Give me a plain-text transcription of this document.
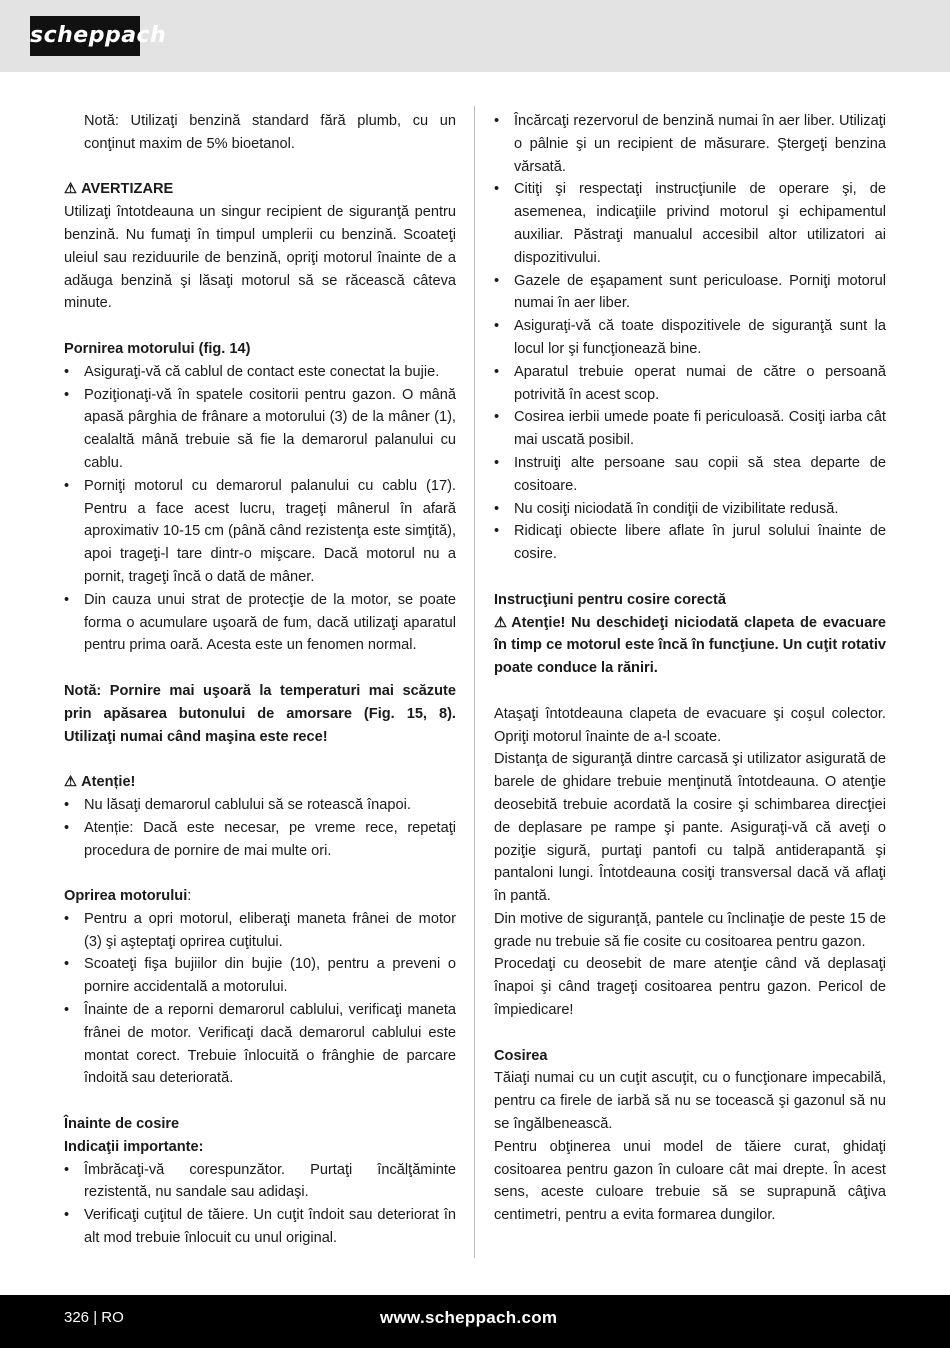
scheppach

Notă: Utilizaţi benzină standard fără plumb, cu un conţinut maxim de 5% bioetanol.

⚠ AVERTIZARE

Utilizaţi întotdeauna un singur recipient de siguranţă pentru benzină. Nu fumaţi în timpul umplerii cu benzină. Scoateţi uleiul sau reziduurile de benzină, opriţi motorul înainte de a adăuga benzină şi lăsaţi motorul să se răcească câteva minute.

Pornirea motorului (fig. 14)

• Asiguraţi-vă că cablul de contact este conectat la bujie.
• Poziţionaţi-vă în spatele cositorii pentru gazon. O mână apasă pârghia de frânare a motorului (3) de la mâner (1), cealaltă mână trebuie să fie la demarorul palanului cu cablu.
• Porniţi motorul cu demarorul palanului cu cablu (17). Pentru a face acest lucru, trageţi mânerul în afară aproximativ 10-15 cm (până când rezistenţa este simţită), apoi trageţi-l tare dintr-o mişcare. Dacă motorul nu a pornit, trageţi încă o dată de mâner.
• Din cauza unui strat de protecţie de la motor, se poate forma o acumulare uşoară de fum, dacă utilizaţi aparatul pentru prima oară. Acesta este un fenomen normal.

Notă: Pornire mai uşoară la temperaturi mai scăzute prin apăsarea butonului de amorsare (Fig. 15, 8). Utilizaţi numai când maşina este rece!

⚠ Atenție!

• Nu lăsaţi demarorul cablului să se rotească înapoi.
• Atenție: Dacă este necesar, pe vreme rece, repetaţi procedura de pornire de mai multe ori.

Oprirea motorului:

• Pentru a opri motorul, eliberaţi maneta frânei de motor (3) şi aşteptaţi oprirea cuţitului.
• Scoateţi fişa bujiilor din bujie (10), pentru a preveni o pornire accidentală a motorului.
• Înainte de a reporni demarorul cablului, verificaţi maneta frânei de motor. Verificaţi dacă demarorul cablului este montat corect. Trebuie înlocuită o frânghie de parcare îndoită sau deteriorată.

Înainte de cosire

Indicaţii importante:

• Îmbrăcaţi-vă corespunzător. Purtaţi încălţăminte rezistentă, nu sandale sau adidaşi.
• Verificaţi cuţitul de tăiere. Un cuţit îndoit sau deteriorat în alt mod trebuie înlocuit cu unul original.
• Încărcaţi rezervorul de benzină numai în aer liber. Utilizaţi o pâlnie şi un recipient de măsurare. Ștergeţi benzina vărsată.
• Citiţi şi respectaţi instrucţiunile de operare şi, de asemenea, indicaţiile privind motorul şi echipamentul auxiliar. Păstraţi manualul accesibil altor utilizatori ai dispozitivului.
• Gazele de eşapament sunt periculoase. Porniţi motorul numai în aer liber.
• Asiguraţi-vă că toate dispozitivele de siguranţă sunt la locul lor şi funcţionează bine.
• Aparatul trebuie operat numai de către o persoană potrivită în acest scop.
• Cosirea ierbii umede poate fi periculoasă. Cosiţi iarba cât mai uscată posibil.
• Instruiţi alte persoane sau copii să stea departe de cositoare.
• Nu cosiţi niciodată în condiţii de vizibilitate redusă.
• Ridicaţi obiecte libere aflate în jurul solului înainte de cosire.

Instrucţiuni pentru cosire corectă

⚠ Atenţie! Nu deschideţi niciodată clapeta de evacuare în timp ce motorul este încă în funcţiune. Un cuţit rotativ poate conduce la răniri.

Ataşaţi întotdeauna clapeta de evacuare şi coşul colector. Opriţi motorul înainte de a-l scoate.

Distanţa de siguranţă dintre carcasă şi utilizator asigurată de barele de ghidare trebuie menţinută întotdeauna. O atenţie deosebită trebuie acordată la cosire şi schimbarea direcţiei de deplasare pe rampe şi pante. Asiguraţi-vă că aveţi o poziţie sigură, purtaţi pantofi cu talpă antiderapantă şi pantaloni lungi. Întotdeauna cosiţi transversal dacă vă aflaţi în pantă.

Din motive de siguranţă, pantele cu înclinaţie de peste 15 de grade nu trebuie să fie cosite cu cositoarea pentru gazon.

Procedaţi cu deosebit de mare atenţie când vă deplasaţi înapoi şi când trageţi cositoarea pentru gazon. Pericol de împiedicare!

Cosirea

Tăiaţi numai cu un cuţit ascuţit, cu o funcţionare impecabilă, pentru ca firele de iarbă să nu se tocească şi gazonul să nu se îngălbenească.

Pentru obţinerea unui model de tăiere curat, ghidaţi cositoarea pentru gazon în culoare cât mai drepte. În acest sens, aceste culoare trebuie să se suprapună câţiva centimetri, pentru a evita formarea dungilor.

326 | RO	www.scheppach.com
